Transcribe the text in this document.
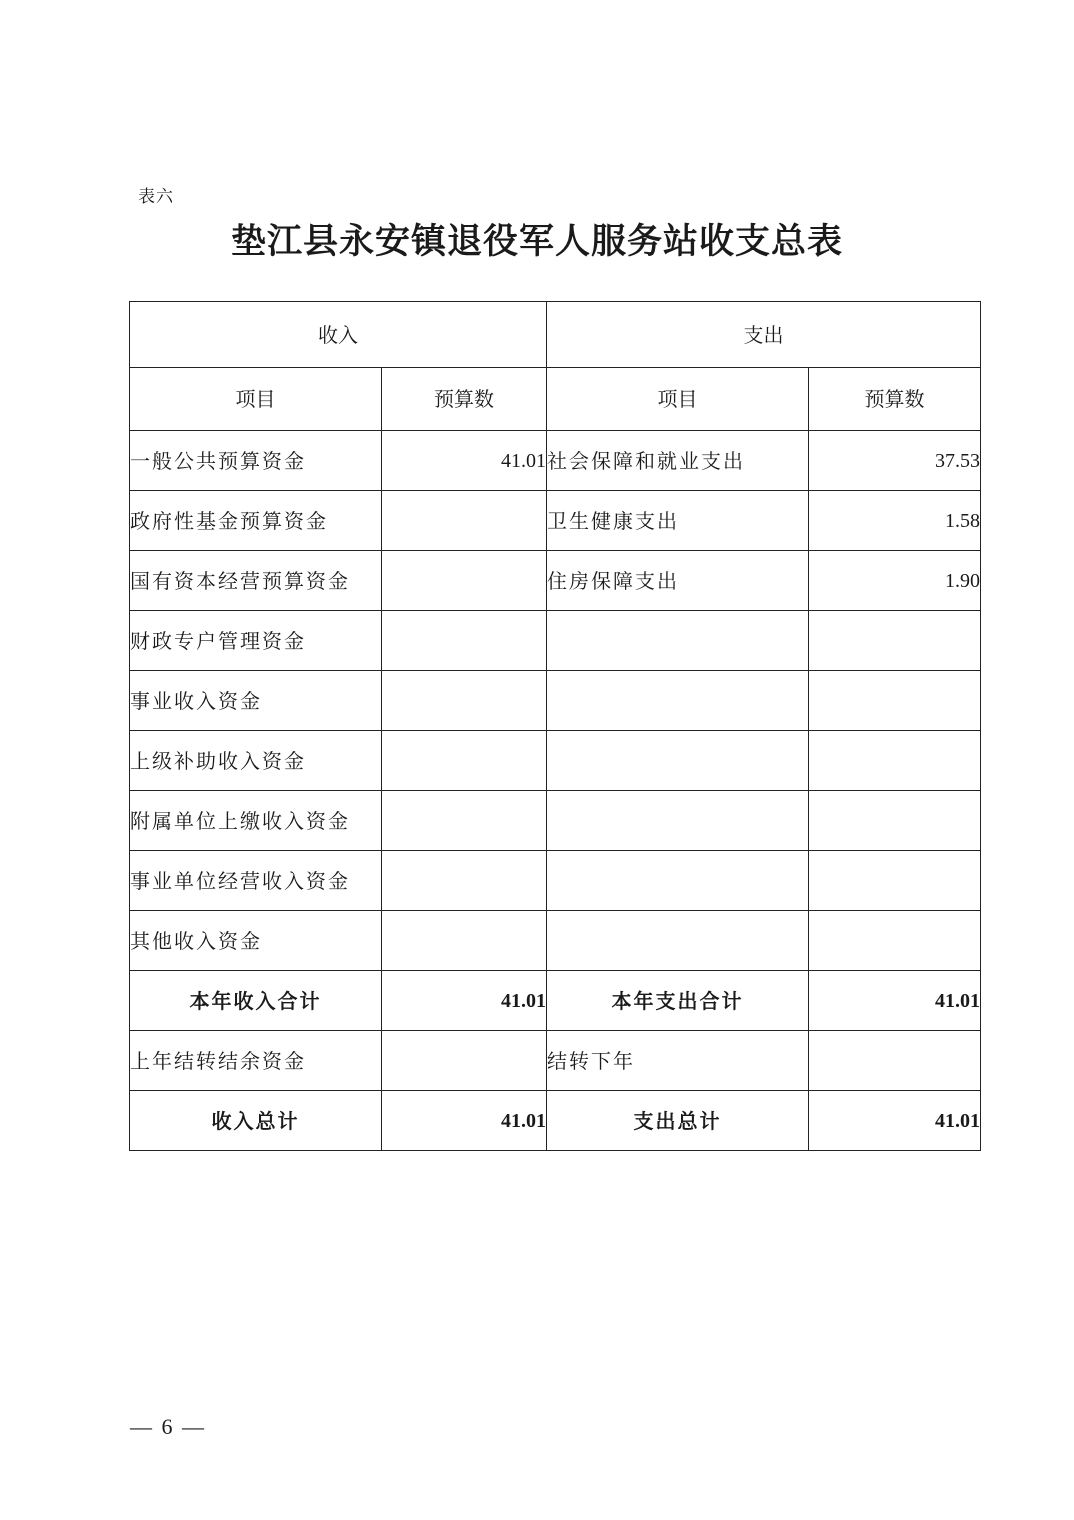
表六
垫江县永安镇退役军人服务站收支总表
收入		支出	
项目	预算数	项目	预算数
一般公共预算资金	41.01	社会保障和就业支出	37.53
政府性基金预算资金		卫生健康支出	1.58
国有资本经营预算资金		住房保障支出	1.90
财政专户管理资金			
事业收入资金			
上级补助收入资金			
附属单位上缴收入资金			
事业单位经营收入资金			
其他收入资金			
本年收入合计	41.01	本年支出合计	41.01
上年结转结余资金		结转下年	
收入总计	41.01	支出总计	41.01
— 6 —
